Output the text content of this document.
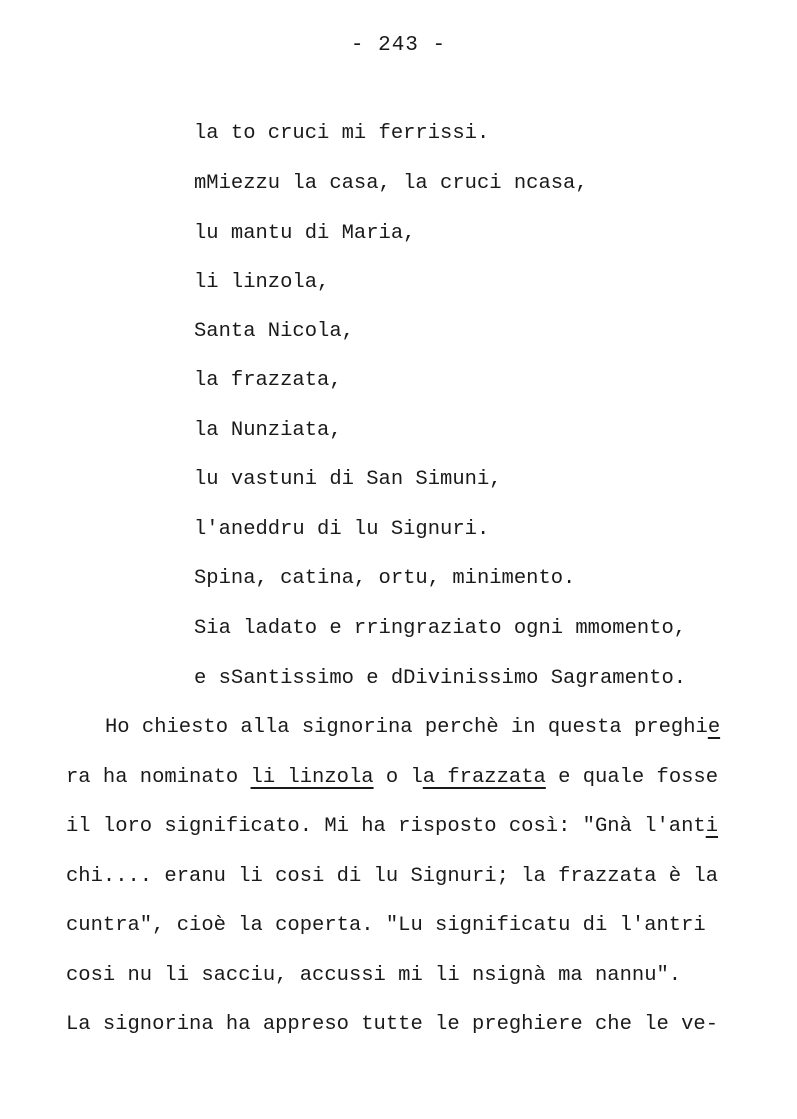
- 243 -
la to cruci mi ferrissi.
mMiezzu la casa, la cruci ncasa,
lu mantu di Maria,
li linzola,
Santa Nicola,
la frazzata,
la Nunziata,
lu vastuni di San Simuni,
l'aneddru di lu Signuri.
Spina, catina, ortu, minimento.
Sia ladato e rringraziato ogni mmomento,
e sSantissimo e dDivinissimo Sagramento.
Ho chiesto alla signorina perchè in questa preghie
ra ha nominato li linzola o la frazzata e quale fosse
il loro significato. Mi ha risposto così: "Gnà l'anti
chi.... eranu li cosi di lu Signuri; la frazzata è la
cuntra", cioè la coperta. "Lu significatu di l'antri
cosi nu li sacciu, accussi mi li nsignà ma nannu".
La signorina ha appreso tutte le preghiere che le ve-
